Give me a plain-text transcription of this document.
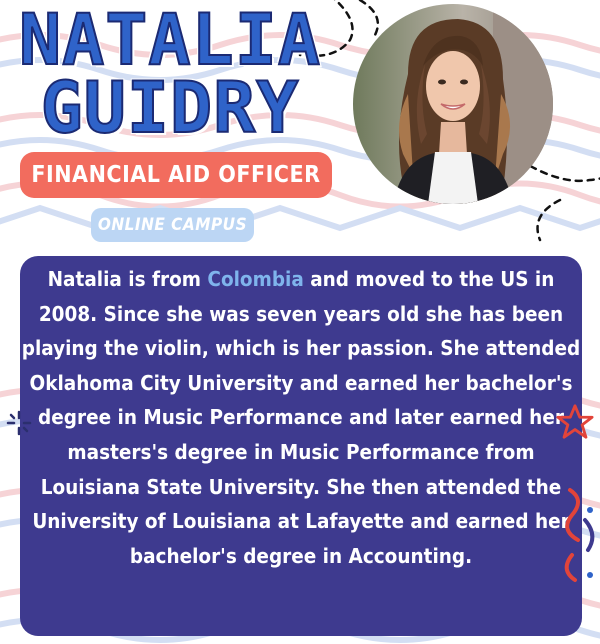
NATALIA
GUIDRY
FINANCIAL AID OFFICER
ONLINE CAMPUS
Natalia is from Colombia and moved to the US in 2008. Since she was seven years old she has been playing the violin, which is her passion. She attended Oklahoma City University and earned her bachelor's degree in Music Performance and later earned her masters's degree in Music Performance from Louisiana State University. She then attended the University of Louisiana at Lafayette and earned her bachelor's degree in Accounting.
